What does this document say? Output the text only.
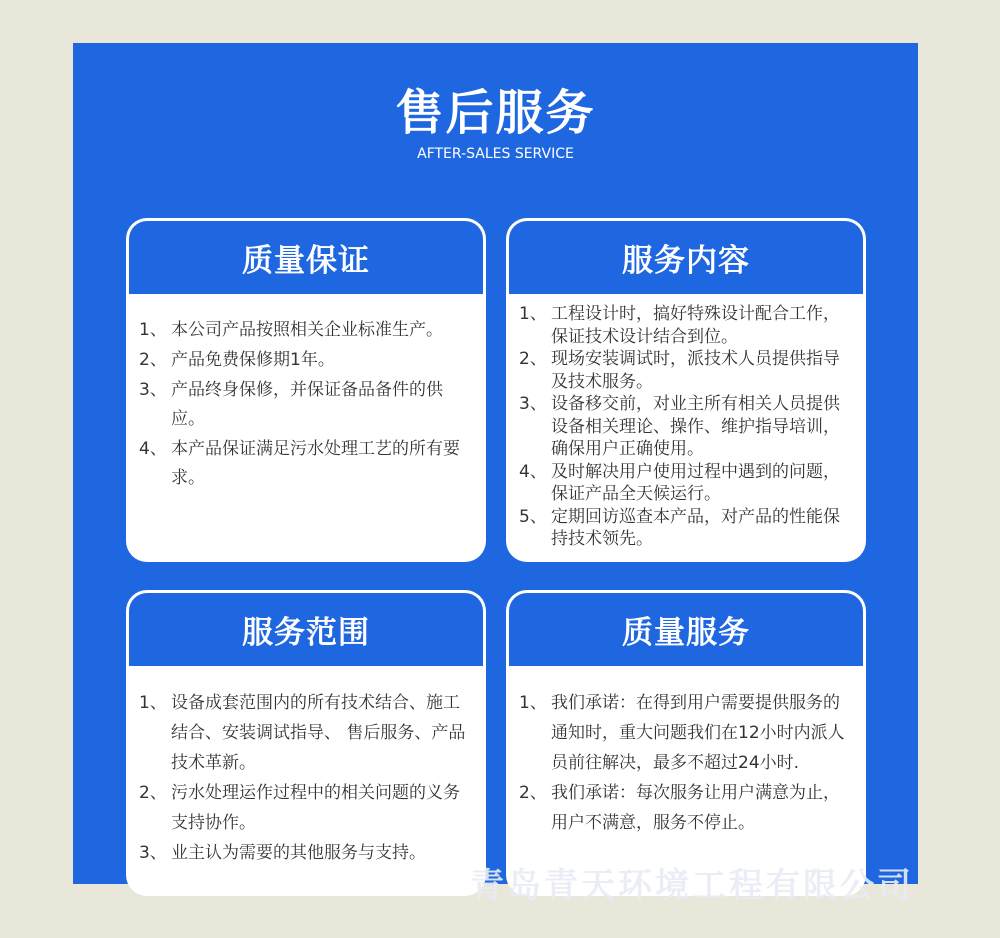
售后服务
AFTER-SALES SERVICE
质量保证
1、 本公司产品按照相关企业标准生产。
2、 产品免费保修期1年。
3、 产品终身保修，并保证备品备件的供应。
4、 本产品保证满足污水处理工艺的所有要求。
服务内容
1、 工程设计时，搞好特殊设计配合工作，保证技术设计结合到位。
2、 现场安装调试时，派技术人员提供指导及技术服务。
3、 设备移交前，对业主所有相关人员提供设备相关理论、操作、维护指导培训，确保用户正确使用。
4、 及时解决用户使用过程中遇到的问题，保证产品全天候运行。
5、 定期回访巡查本产品，对产品的性能保持技术领先。
服务范围
1、 设备成套范围内的所有技术结合、施工结合、安装调试指导、 售后服务、产品技术革新。
2、 污水处理运作过程中的相关问题的义务支持协作。
3、 业主认为需要的其他服务与支持。
质量服务
1、 我们承诺：在得到用户需要提供服务的通知时，重大问题我们在12小时内派人员前往解决，最多不超过24小时.
2、 我们承诺：每次服务让用户满意为止，用户不满意，服务不停止。
青岛青天环境工程有限公司
